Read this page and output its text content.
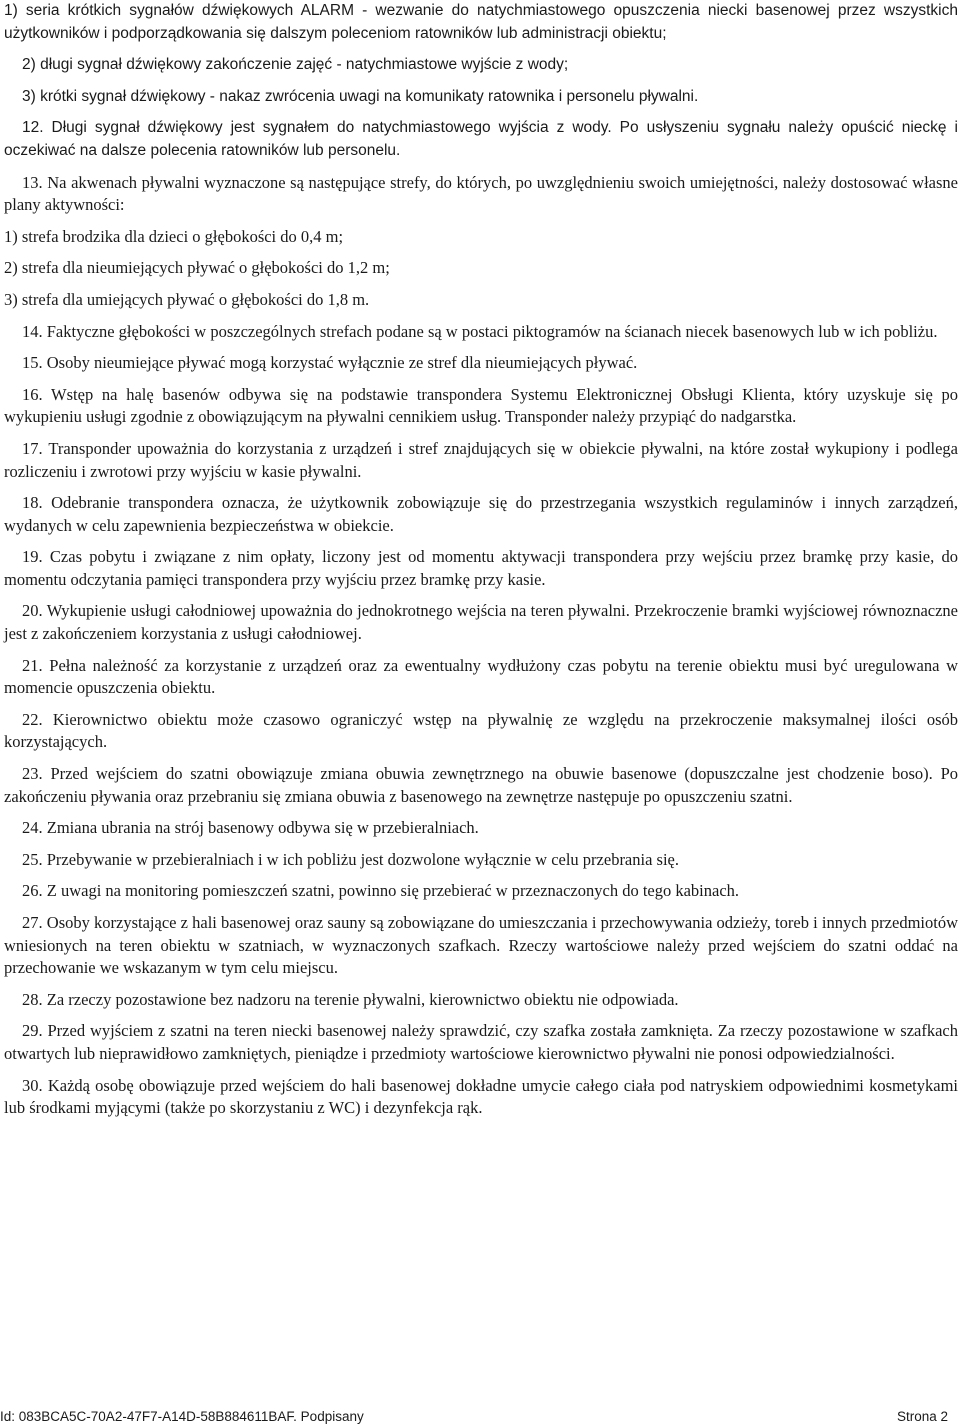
1) seria krótkich sygnałów dźwiękowych ALARM - wezwanie do natychmiastowego opuszczenia niecki basenowej przez wszystkich użytkowników i podporządkowania się dalszym poleceniom ratowników lub administracji obiektu;

2) długi sygnał dźwiękowy zakończenie zajęć - natychmiastowe wyjście z wody;

3) krótki sygnał dźwiękowy - nakaz zwrócenia uwagi na komunikaty ratownika i personelu pływalni.

12. Długi sygnał dźwiękowy jest sygnałem do natychmiastowego wyjścia z wody. Po usłyszeniu sygnału należy opuścić nieckę i oczekiwać na dalsze polecenia ratowników lub personelu.

13. Na akwenach pływalni wyznaczone są następujące strefy, do których, po uwzględnieniu swoich umiejętności, należy dostosować własne plany aktywności:

1) strefa brodzika dla dzieci o głębokości do 0,4 m;

2) strefa dla nieumiejących pływać o głębokości do 1,2 m;

3) strefa dla umiejących pływać o głębokości do 1,8 m.

14. Faktyczne głębokości w poszczególnych strefach podane są w postaci piktogramów na ścianach niecek basenowych lub w ich pobliżu.

15. Osoby nieumiejące pływać mogą korzystać wyłącznie ze stref dla nieumiejących pływać.

16. Wstęp na halę basenów odbywa się na podstawie transpondera Systemu Elektronicznej Obsługi Klienta, który uzyskuje się po wykupieniu usługi zgodnie z obowiązującym na pływalni cennikiem usług. Transponder należy przypiąć do nadgarstka.

17. Transponder upoważnia do korzystania z urządzeń i stref znajdujących się w obiekcie pływalni, na które został wykupiony i podlega rozliczeniu i zwrotowi przy wyjściu w kasie pływalni.

18. Odebranie transpondera oznacza, że użytkownik zobowiązuje się do przestrzegania wszystkich regulaminów i innych zarządzeń, wydanych w celu zapewnienia bezpieczeństwa w obiekcie.

19. Czas pobytu i związane z nim opłaty, liczony jest od momentu aktywacji transpondera przy wejściu przez bramkę przy kasie, do momentu odczytania pamięci transpondera przy wyjściu przez bramkę przy kasie.

20. Wykupienie usługi całodniowej upoważnia do jednokrotnego wejścia na teren pływalni. Przekroczenie bramki wyjściowej równoznaczne jest z zakończeniem korzystania z usługi całodniowej.

21. Pełna należność za korzystanie z urządzeń oraz za ewentualny wydłużony czas pobytu na terenie obiektu musi być uregulowana w momencie opuszczenia obiektu.

22. Kierownictwo obiektu może czasowo ograniczyć wstęp na pływalnię ze względu na przekroczenie maksymalnej ilości osób korzystających.

23. Przed wejściem do szatni obowiązuje zmiana obuwia zewnętrznego na obuwie basenowe (dopuszczalne jest chodzenie boso). Po zakończeniu pływania oraz przebraniu się zmiana obuwia z basenowego na zewnętrze następuje po opuszczeniu szatni.

24. Zmiana ubrania na strój basenowy odbywa się w przebieralniach.

25. Przebywanie w przebieralniach i w ich pobliżu jest dozwolone wyłącznie w celu przebrania się.

26. Z uwagi na monitoring pomieszczeń szatni, powinno się przebierać w przeznaczonych do tego kabinach.

27. Osoby korzystające z hali basenowej oraz sauny są zobowiązane do umieszczania i przechowywania odzieży, toreb i innych przedmiotów wniesionych na teren obiektu w szatniach, w wyznaczonych szafkach. Rzeczy wartościowe należy przed wejściem do szatni oddać na przechowanie we wskazanym w tym celu miejscu.

28. Za rzeczy pozostawione bez nadzoru na terenie pływalni, kierownictwo obiektu nie odpowiada.

29. Przed wyjściem z szatni na teren niecki basenowej należy sprawdzić, czy szafka została zamknięta. Za rzeczy pozostawione w szafkach otwartych lub nieprawidłowo zamkniętych, pieniądze i przedmioty wartościowe kierownictwo pływalni nie ponosi odpowiedzialności.

30. Każdą osobę obowiązuje przed wejściem do hali basenowej dokładne umycie całego ciała pod natryskiem odpowiednimi kosmetykami lub środkami myjącymi (także po skorzystaniu z WC) i dezynfekcja rąk.

Id: 083BCA5C-70A2-47F7-A14D-58B884611BAF. Podpisany	Strona 2
